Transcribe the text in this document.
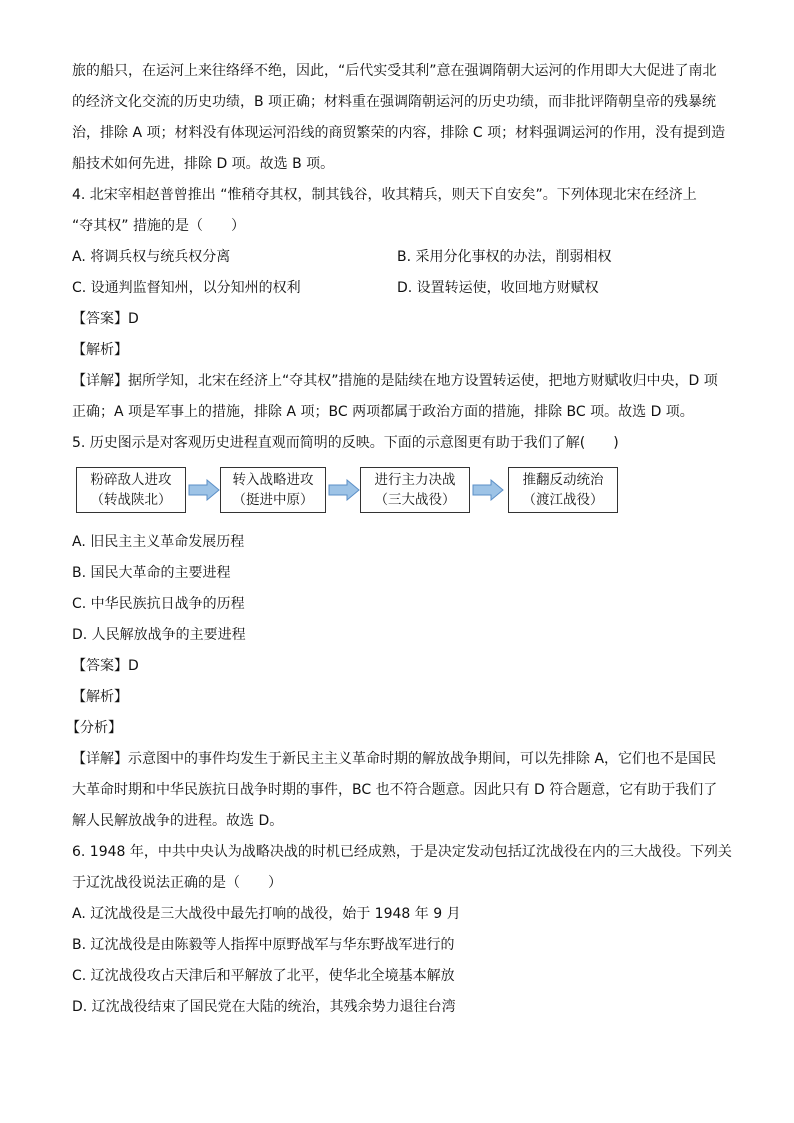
旅的船只，在运河上来往络绎不绝，因此，“后代实受其利”意在强调隋朝大运河的作用即大大促进了南北
的经济文化交流的历史功绩，B 项正确；材料重在强调隋朝运河的历史功绩，而非批评隋朝皇帝的残暴统
治，排除 A 项；材料没有体现运河沿线的商贸繁荣的内容，排除 C 项；材料强调运河的作用，没有提到造
船技术如何先进，排除 D 项。故选 B 项。
4. 北宋宰相赵普曾推出 “惟稍夺其权，制其钱谷，收其精兵，则天下自安矣”。下列体现北宋在经济上
“夺其权” 措施的是（　　）
A. 将调兵权与统兵权分离	B. 采用分化事权的办法，削弱相权
C. 设通判监督知州，以分知州的权利	D. 设置转运使，收回地方财赋权
【答案】D
【解析】
【详解】据所学知，北宋在经济上“夺其权”措施的是陆续在地方设置转运使，把地方财赋收归中央，D 项
正确；A 项是军事上的措施，排除 A 项；BC 两项都属于政治方面的措施，排除 BC 项。故选 D 项。
5. 历史图示是对客观历史进程直观而简明的反映。下面的示意图更有助于我们了解(　　)
粉碎敌人进攻
（转战陕北）
转入战略进攻
（挺进中原）
进行主力决战
（三大战役）
推翻反动统治
（渡江战役）
A. 旧民主主义革命发展历程
B. 国民大革命的主要进程
C. 中华民族抗日战争的历程
D. 人民解放战争的主要进程
【答案】D
【解析】
【分析】
【详解】示意图中的事件均发生于新民主主义革命时期的解放战争期间，可以先排除 A，它们也不是国民
大革命时期和中华民族抗日战争时期的事件，BC 也不符合题意。因此只有 D 符合题意，它有助于我们了
解人民解放战争的进程。故选 D。
6. 1948 年，中共中央认为战略决战的时机已经成熟，于是决定发动包括辽沈战役在内的三大战役。下列关
于辽沈战役说法正确的是（　　）
A. 辽沈战役是三大战役中最先打响的战役，始于 1948 年 9 月
B. 辽沈战役是由陈毅等人指挥中原野战军与华东野战军进行的
C. 辽沈战役攻占天津后和平解放了北平，使华北全境基本解放
D. 辽沈战役结束了国民党在大陆的统治，其残余势力退往台湾
